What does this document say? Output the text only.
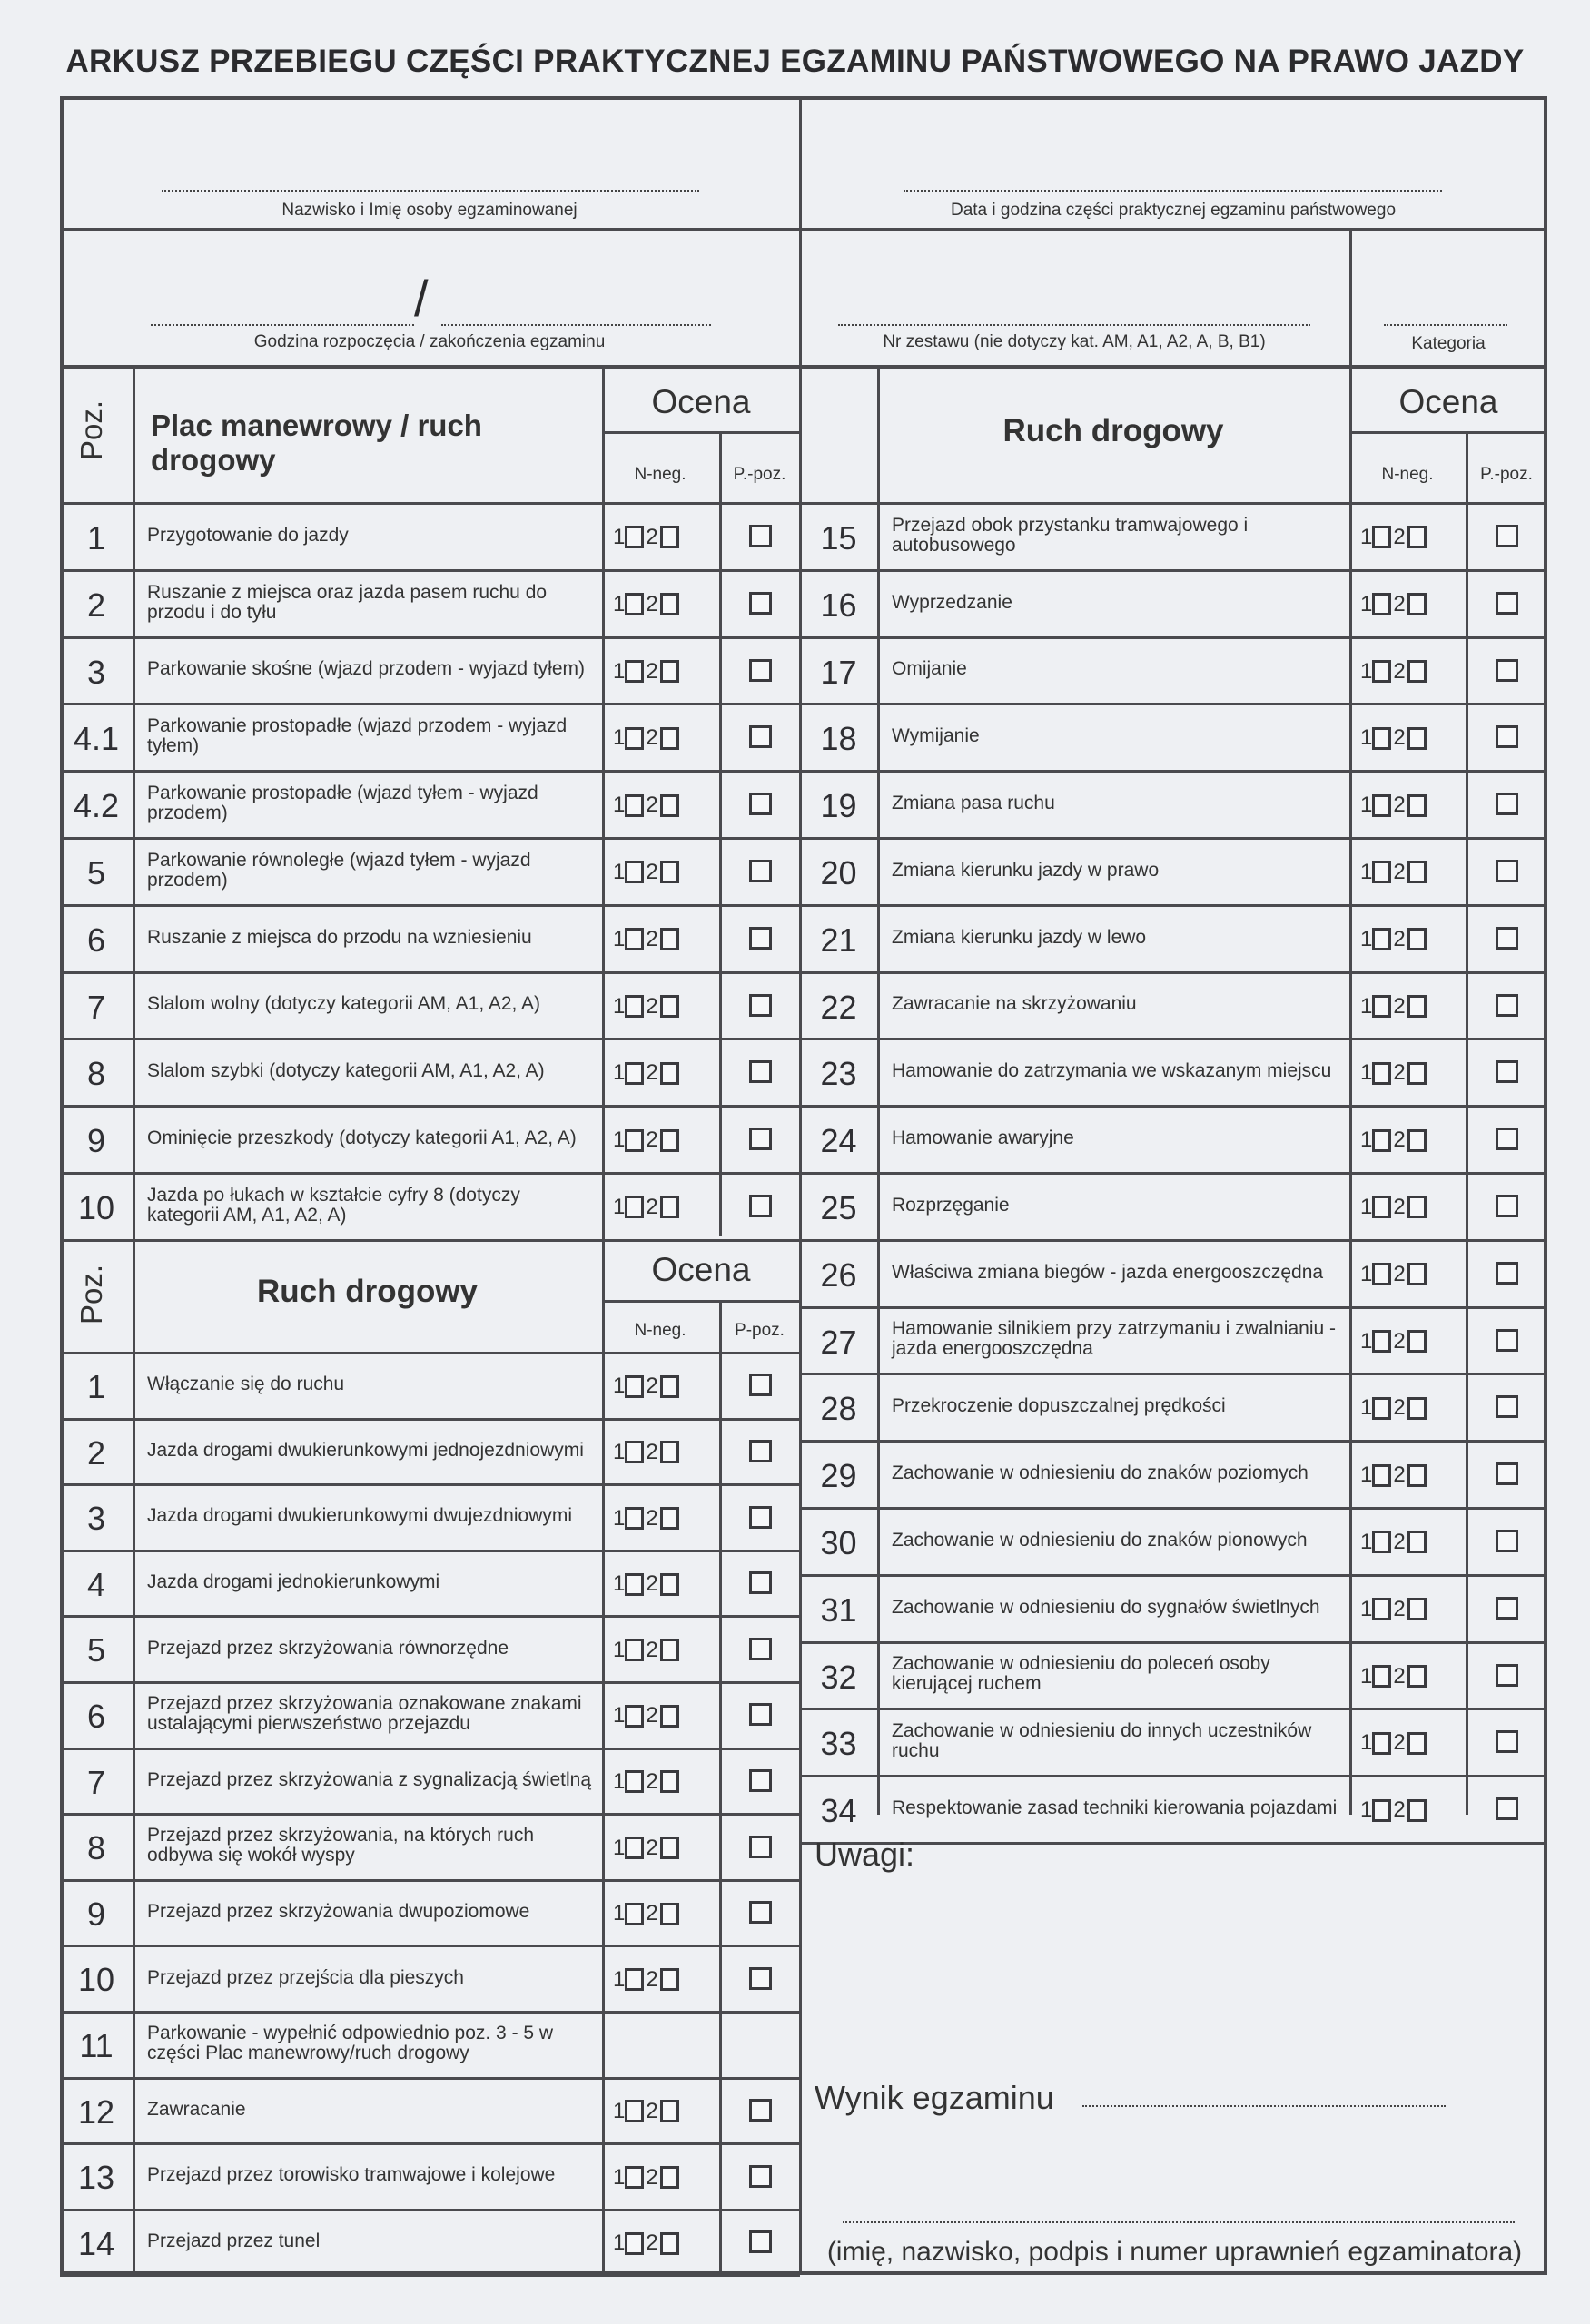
ARKUSZ PRZEBIEGU CZĘŚCI PRAKTYCZNEJ EGZAMINU PAŃSTWOWEGO NA PRAWO JAZDY
Nazwisko i Imię osoby egzaminowanej	Data i godzina części praktycznej egzaminu państwowego
/
Godzina rozpoczęcia / zakończenia egzaminu	Nr zestawu (nie dotyczy kat. AM, A1, A2, A, B, B1)	Kategoria
Poz. Plac manewrowy / ruch drogowy
Ocena
N-neg.	P.-poz.
Ruch drogowy
Ocena
N-neg.	P.-poz.
Poz.	Ruch drogowy
Ocena
N-neg.	P-poz.
1	Przygotowanie do jazdy	1 2
2	Ruszanie z miejsca oraz jazda pasem ruchu do przodu i do tyłu	1 2
3	Parkowanie skośne (wjazd przodem - wyjazd tyłem)	1 2
4.1	Parkowanie prostopadłe (wjazd przodem - wyjazd tyłem)	1 2
4.2	Parkowanie prostopadłe (wjazd tyłem - wyjazd przodem)	1 2
5	Parkowanie równoległe (wjazd tyłem - wyjazd przodem)	1 2
6	Ruszanie z miejsca do przodu na wzniesieniu	1 2
7	Slalom wolny (dotyczy kategorii AM, A1, A2, A)	1 2
8	Slalom szybki (dotyczy kategorii AM, A1, A2, A)	1 2
9	Ominięcie przeszkody (dotyczy kategorii A1, A2, A)	1 2
10	Jazda po łukach w kształcie cyfry 8 (dotyczy kategorii AM, A1, A2, A)	1 2
1	Włączanie się do ruchu	1 2
2	Jazda drogami dwukierunkowymi jednojezdniowymi	1 2
3	Jazda drogami dwukierunkowymi dwujezdniowymi	1 2
4	Jazda drogami jednokierunkowymi	1 2
5	Przejazd przez skrzyżowania równorzędne	1 2
6	Przejazd przez skrzyżowania oznakowane znakami ustalającymi pierwszeństwo przejazdu	1 2
7	Przejazd przez skrzyżowania z sygnalizacją świetlną 1 2
8	Przejazd przez skrzyżowania, na których ruch odbywa się wokół wyspy	1 2
9	Przejazd przez skrzyżowania dwupoziomowe	1 2
10	Przejazd przez przejścia dla pieszych	1 2
11	Parkowanie - wypełnić odpowiednio poz. 3 - 5 w części Plac manewrowy/ruch drogowy
12	Zawracanie	1 2
13	Przejazd przez torowisko tramwajowe i kolejowe	1 2
14	Przejazd przez tunel	1 2
15	Przejazd obok przystanku tramwajowego i autobusowego	1 2
16	Wyprzedzanie	1 2
17	Omijanie	1 2
18	Wymijanie	1 2
19	Zmiana pasa ruchu	1 2
20	Zmiana kierunku jazdy w prawo	1 2
21	Zmiana kierunku jazdy w lewo	1 2
22	Zawracanie na skrzyżowaniu	1 2
23	Hamowanie do zatrzymania we wskazanym miejscu	1 2
24	Hamowanie awaryjne	1 2
25	Rozprzęganie	1 2
26	Właściwa zmiana biegów - jazda energooszczędna	1 2
27	Hamowanie silnikiem przy zatrzymaniu i zwalnianiu - jazda energooszczędna	1 2
28	Przekroczenie dopuszczalnej prędkości	1 2
29	Zachowanie w odniesieniu do znaków poziomych	1 2
30	Zachowanie w odniesieniu do znaków pionowych	1 2
31	Zachowanie w odniesieniu do sygnałów świetlnych	1 2
32	Zachowanie w odniesieniu do poleceń osoby kierującej ruchem	1 2
33	Zachowanie w odniesieniu do innych uczestników ruchu	1 2
34	Respektowanie zasad techniki kierowania pojazdami 1 2
Uwagi:
Wynik egzaminu
(imię, nazwisko, podpis i numer uprawnień egzaminatora)
